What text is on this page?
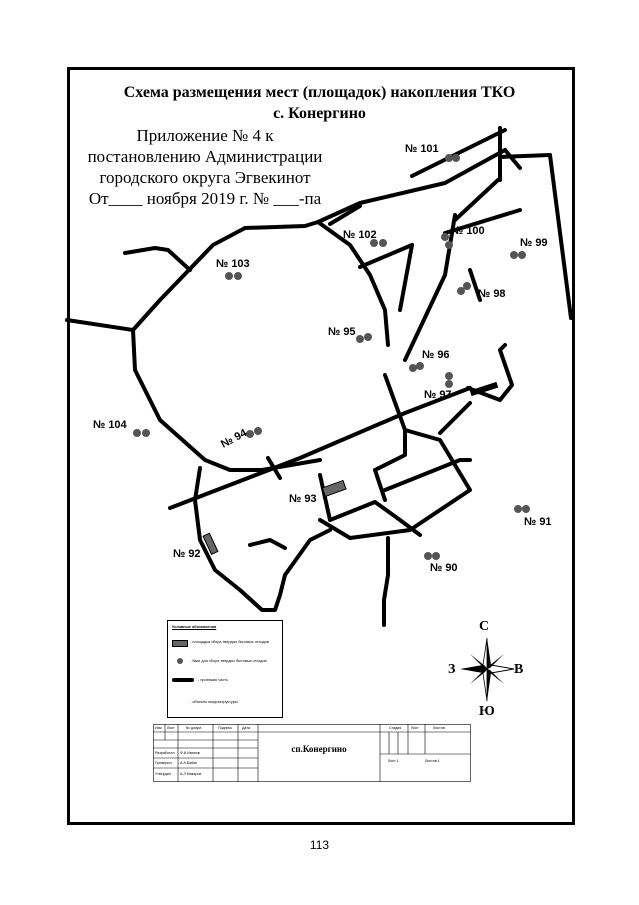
Схема размещения мест (площадок) накопления ТКО
с. Конергино
Приложение № 4 к
постановлению Администрации
городского округа Эгвекинот
От____ ноября 2019 г. № ___-па
№ 101
№ 102	№ 100
№ 99
№ 103
№ 98
№ 95
№ 96
№ 97
№ 104
№ 94
№ 93
№ 91
№ 92
№ 90
С
Ю
З	В
Условные обозначения
- площадка сбора твердых бытовых отходов
- баки для сбора твердых бытовых отходов
- проезжая часть
- объекты инфраструктуры
Изм Лист	№ докум.	Подпись	Дата
Разработал Ф.И.Иванов
Проверил А.А.Бабин
Утвердил	А.Л.Макаров
сп.Конергино
Стадия	Лист	Листов
Лист 1	Листов 1
113
